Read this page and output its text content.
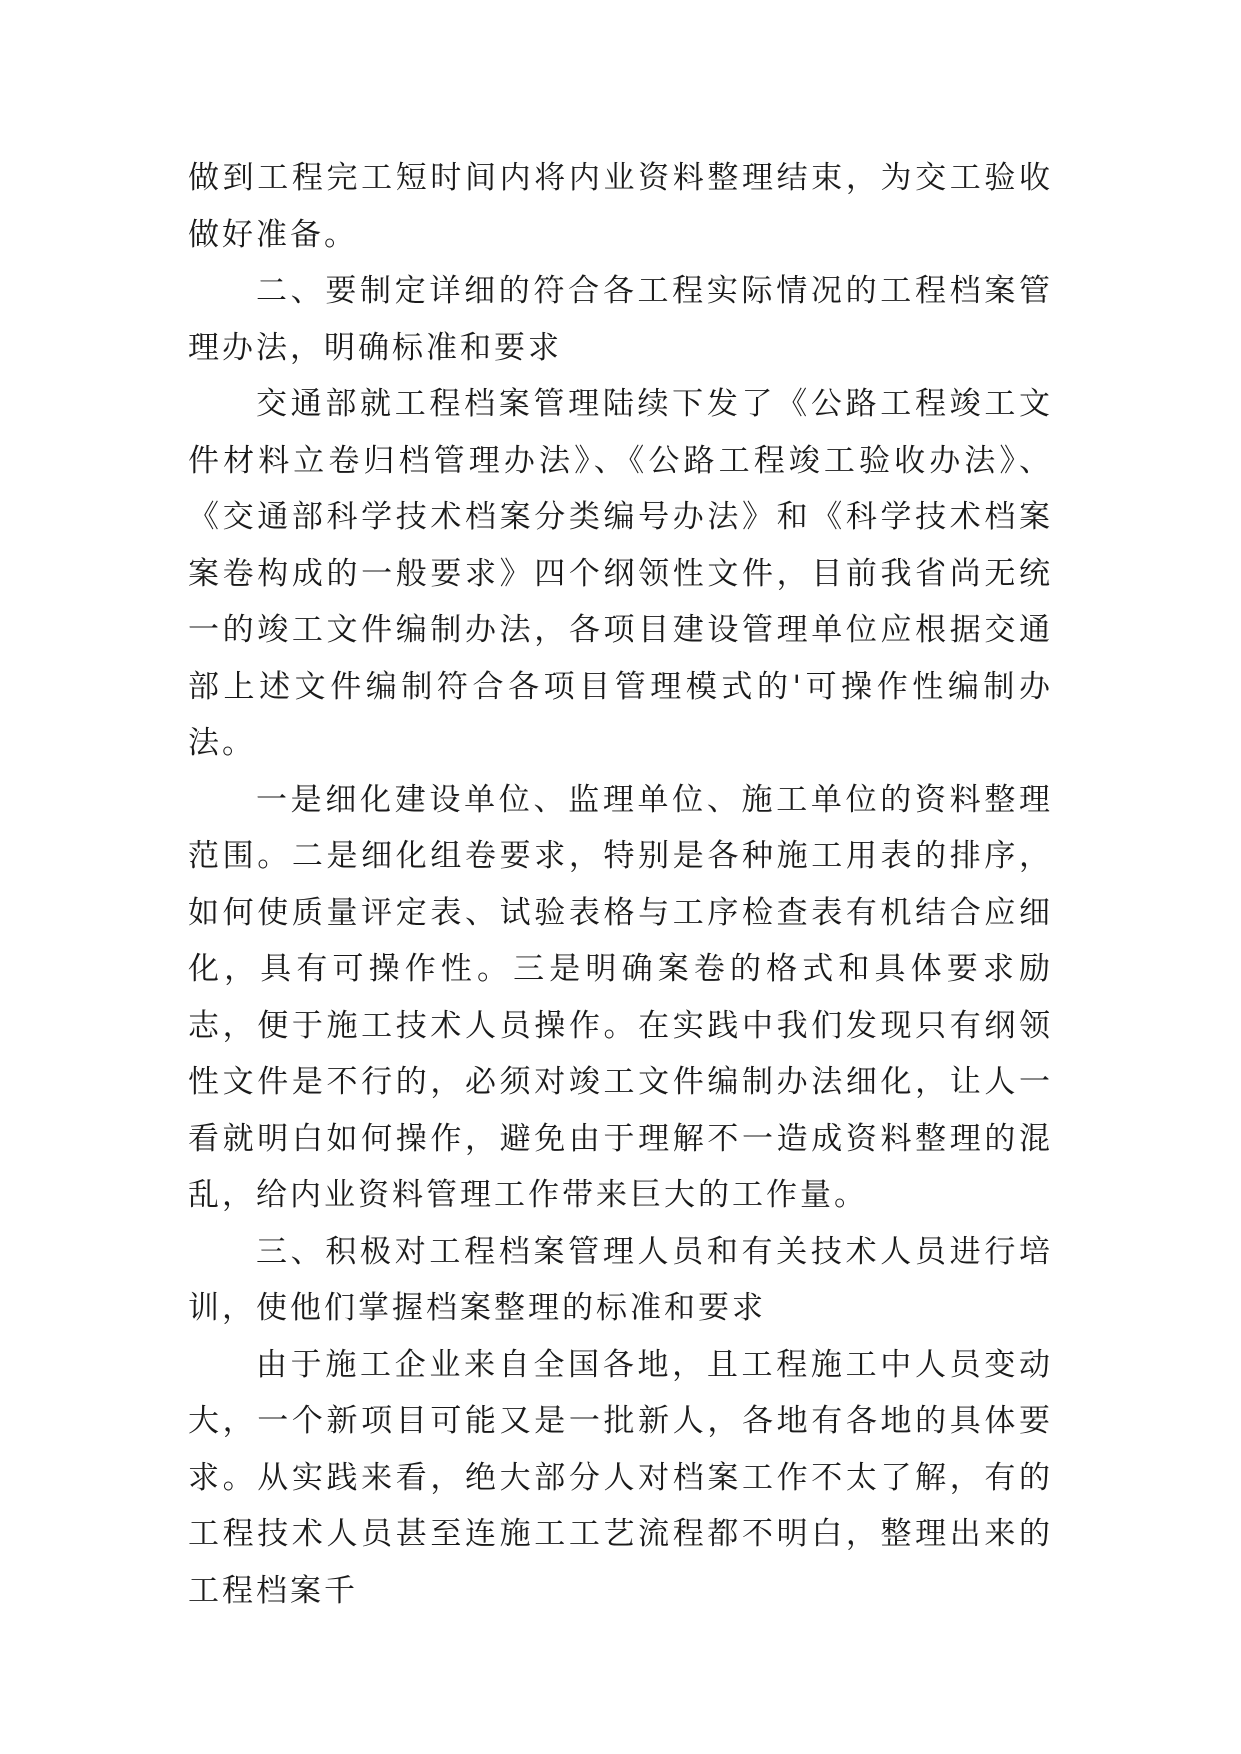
做到工程完工短时间内将内业资料整理结束，为交工验收做好准备。

二、要制定详细的符合各工程实际情况的工程档案管理办法，明确标准和要求

交通部就工程档案管理陆续下发了《公路工程竣工文件材料立卷归档管理办法》、《公路工程竣工验收办法》、《交通部科学技术档案分类编号办法》和《科学技术档案案卷构成的一般要求》四个纲领性文件，目前我省尚无统一的竣工文件编制办法，各项目建设管理单位应根据交通部上述文件编制符合各项目管理模式的'可操作性编制办法。

一是细化建设单位、监理单位、施工单位的资料整理范围。二是细化组卷要求，特别是各种施工用表的排序，如何使质量评定表、试验表格与工序检查表有机结合应细化，具有可操作性。三是明确案卷的格式和具体要求励志，便于施工技术人员操作。在实践中我们发现只有纲领性文件是不行的，必须对竣工文件编制办法细化，让人一看就明白如何操作，避免由于理解不一造成资料整理的混乱，给内业资料管理工作带来巨大的工作量。

三、积极对工程档案管理人员和有关技术人员进行培训，使他们掌握档案整理的标准和要求

由于施工企业来自全国各地，且工程施工中人员变动大，一个新项目可能又是一批新人，各地有各地的具体要求。从实践来看，绝大部分人对档案工作不太了解，有的工程技术人员甚至连施工工艺流程都不明白，整理出来的工程档案千
